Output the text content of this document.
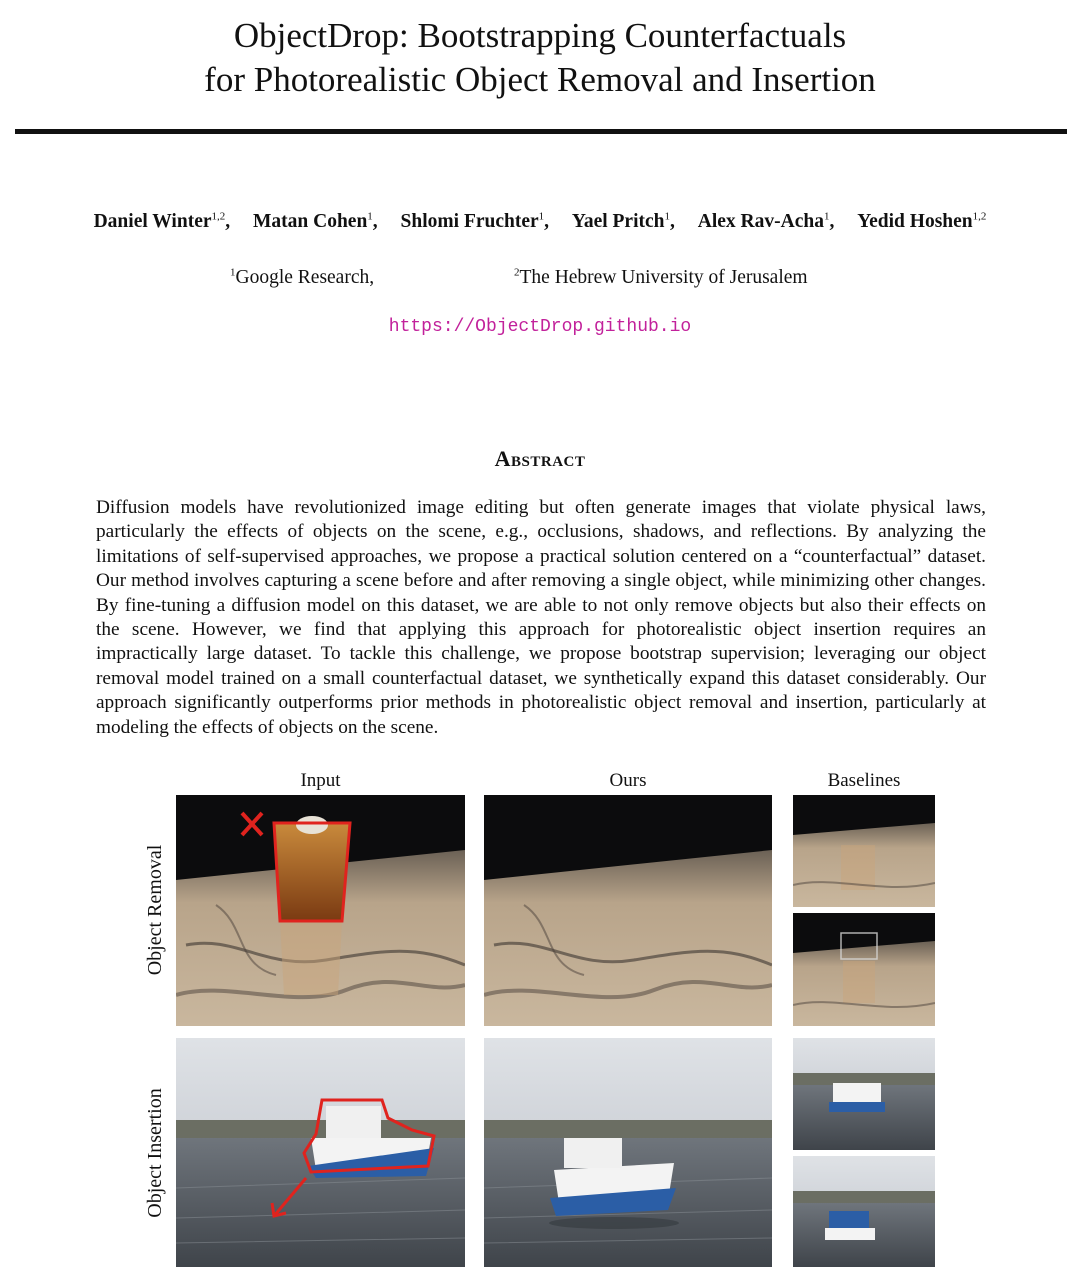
ObjectDrop: Bootstrapping Counterfactuals
for Photorealistic Object Removal and Insertion
Daniel Winter$^{1,2}$, Matan Cohen$^1$, Shlomi Fruchter$^1$, Yael Pritch$^1$, Alex Rav-Acha$^1$, Yedid Hoshen$^{1,2}$
$^1$Google Research,	$^2$The Hebrew University of Jerusalem
https://ObjectDrop.github.io
Abstract
Diffusion models have revolutionized image editing but often generate images that violate physical laws, particularly the effects of objects on the scene, e.g., occlusions, shadows, and reflections. By analyzing the limitations of self-supervised approaches, we propose a practical solution centered on a “counterfactual” dataset. Our method involves capturing a scene before and after removing a single object, while minimizing other changes. By fine-tuning a diffusion model on this dataset, we are able to not only remove objects but also their effects on the scene. However, we find that applying this approach for photorealistic object insertion requires an impractically large dataset. To tackle this challenge, we propose bootstrap supervision; leveraging our object removal model trained on a small counterfactual dataset, we synthetically expand this dataset considerably. Our approach significantly outperforms prior methods in photorealistic object removal and insertion, particularly at modeling the effects of objects on the scene.
Input	Ours	Baselines
Object Removal
Object Insertion
